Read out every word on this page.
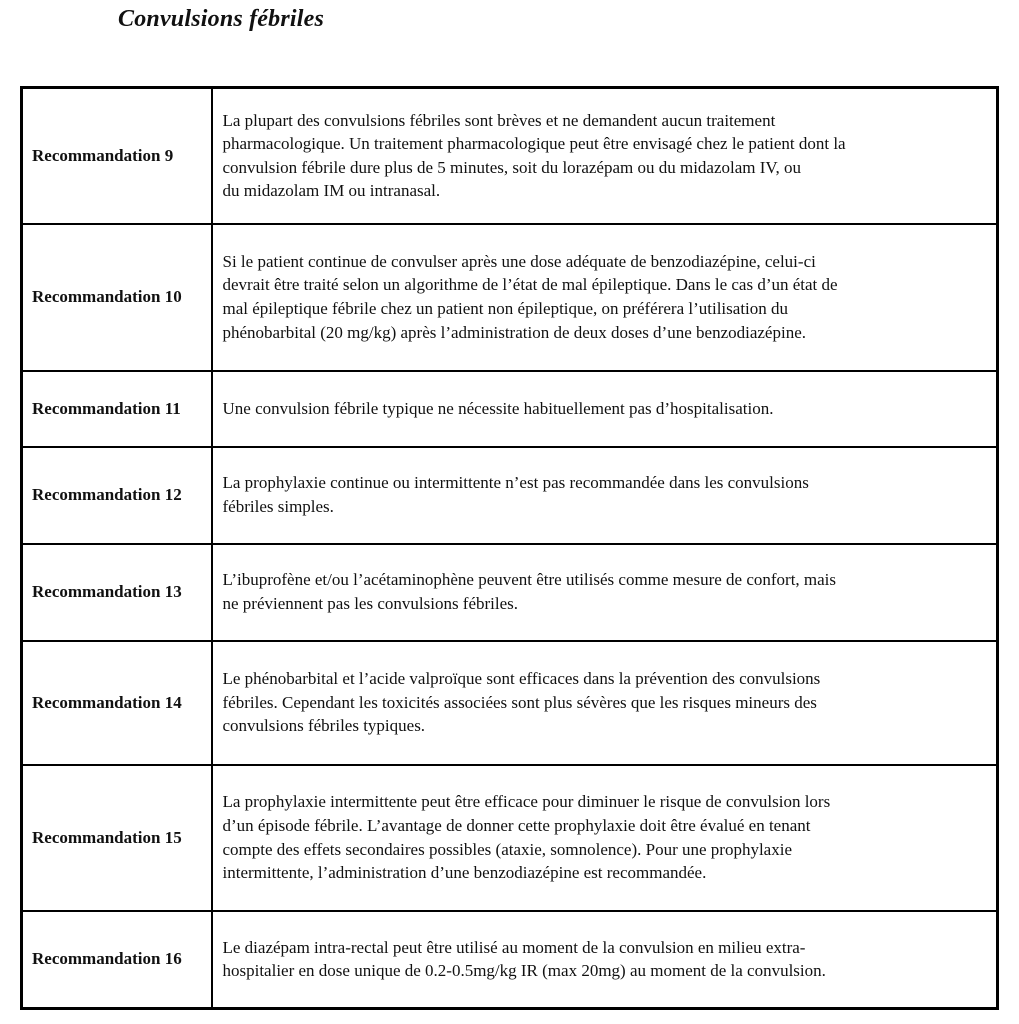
Convulsions fébriles
Recommandation 9	La plupart des convulsions fébriles sont brèves et ne demandent aucun traitement
pharmacologique. Un traitement pharmacologique peut être envisagé chez le patient dont la
convulsion fébrile dure plus de 5 minutes, soit du lorazépam ou du midazolam IV, ou
du midazolam IM ou intranasal.

Recommandation 10	Si le patient continue de convulser après une dose adéquate de benzodiazépine, celui-ci
devrait être traité selon un algorithme de l’état de mal épileptique. Dans le cas d’un état de
mal épileptique fébrile chez un patient non épileptique, on préférera l’utilisation du
phénobarbital (20 mg/kg) après l’administration de deux doses d’une benzodiazépine.

Recommandation 11	Une convulsion fébrile typique ne nécessite habituellement pas d’hospitalisation.

Recommandation 12	La prophylaxie continue ou intermittente n’est pas recommandée dans les convulsions
fébriles simples.

Recommandation 13	L’ibuprofène et/ou l’acétaminophène peuvent être utilisés comme mesure de confort, mais
ne préviennent pas les convulsions fébriles.

Recommandation 14	Le phénobarbital et l’acide valproïque sont efficaces dans la prévention des convulsions
fébriles. Cependant les toxicités associées sont plus sévères que les risques mineurs des
convulsions fébriles typiques.

Recommandation 15	La prophylaxie intermittente peut être efficace pour diminuer le risque de convulsion lors
d’un épisode fébrile. L’avantage de donner cette prophylaxie doit être évalué en tenant
compte des effets secondaires possibles (ataxie, somnolence). Pour une prophylaxie
intermittente, l’administration d’une benzodiazépine est recommandée.

Recommandation 16	Le diazépam intra-rectal peut être utilisé au moment de la convulsion en milieu extra-
hospitalier en dose unique de 0.2-0.5mg/kg IR (max 20mg) au moment de la convulsion.
